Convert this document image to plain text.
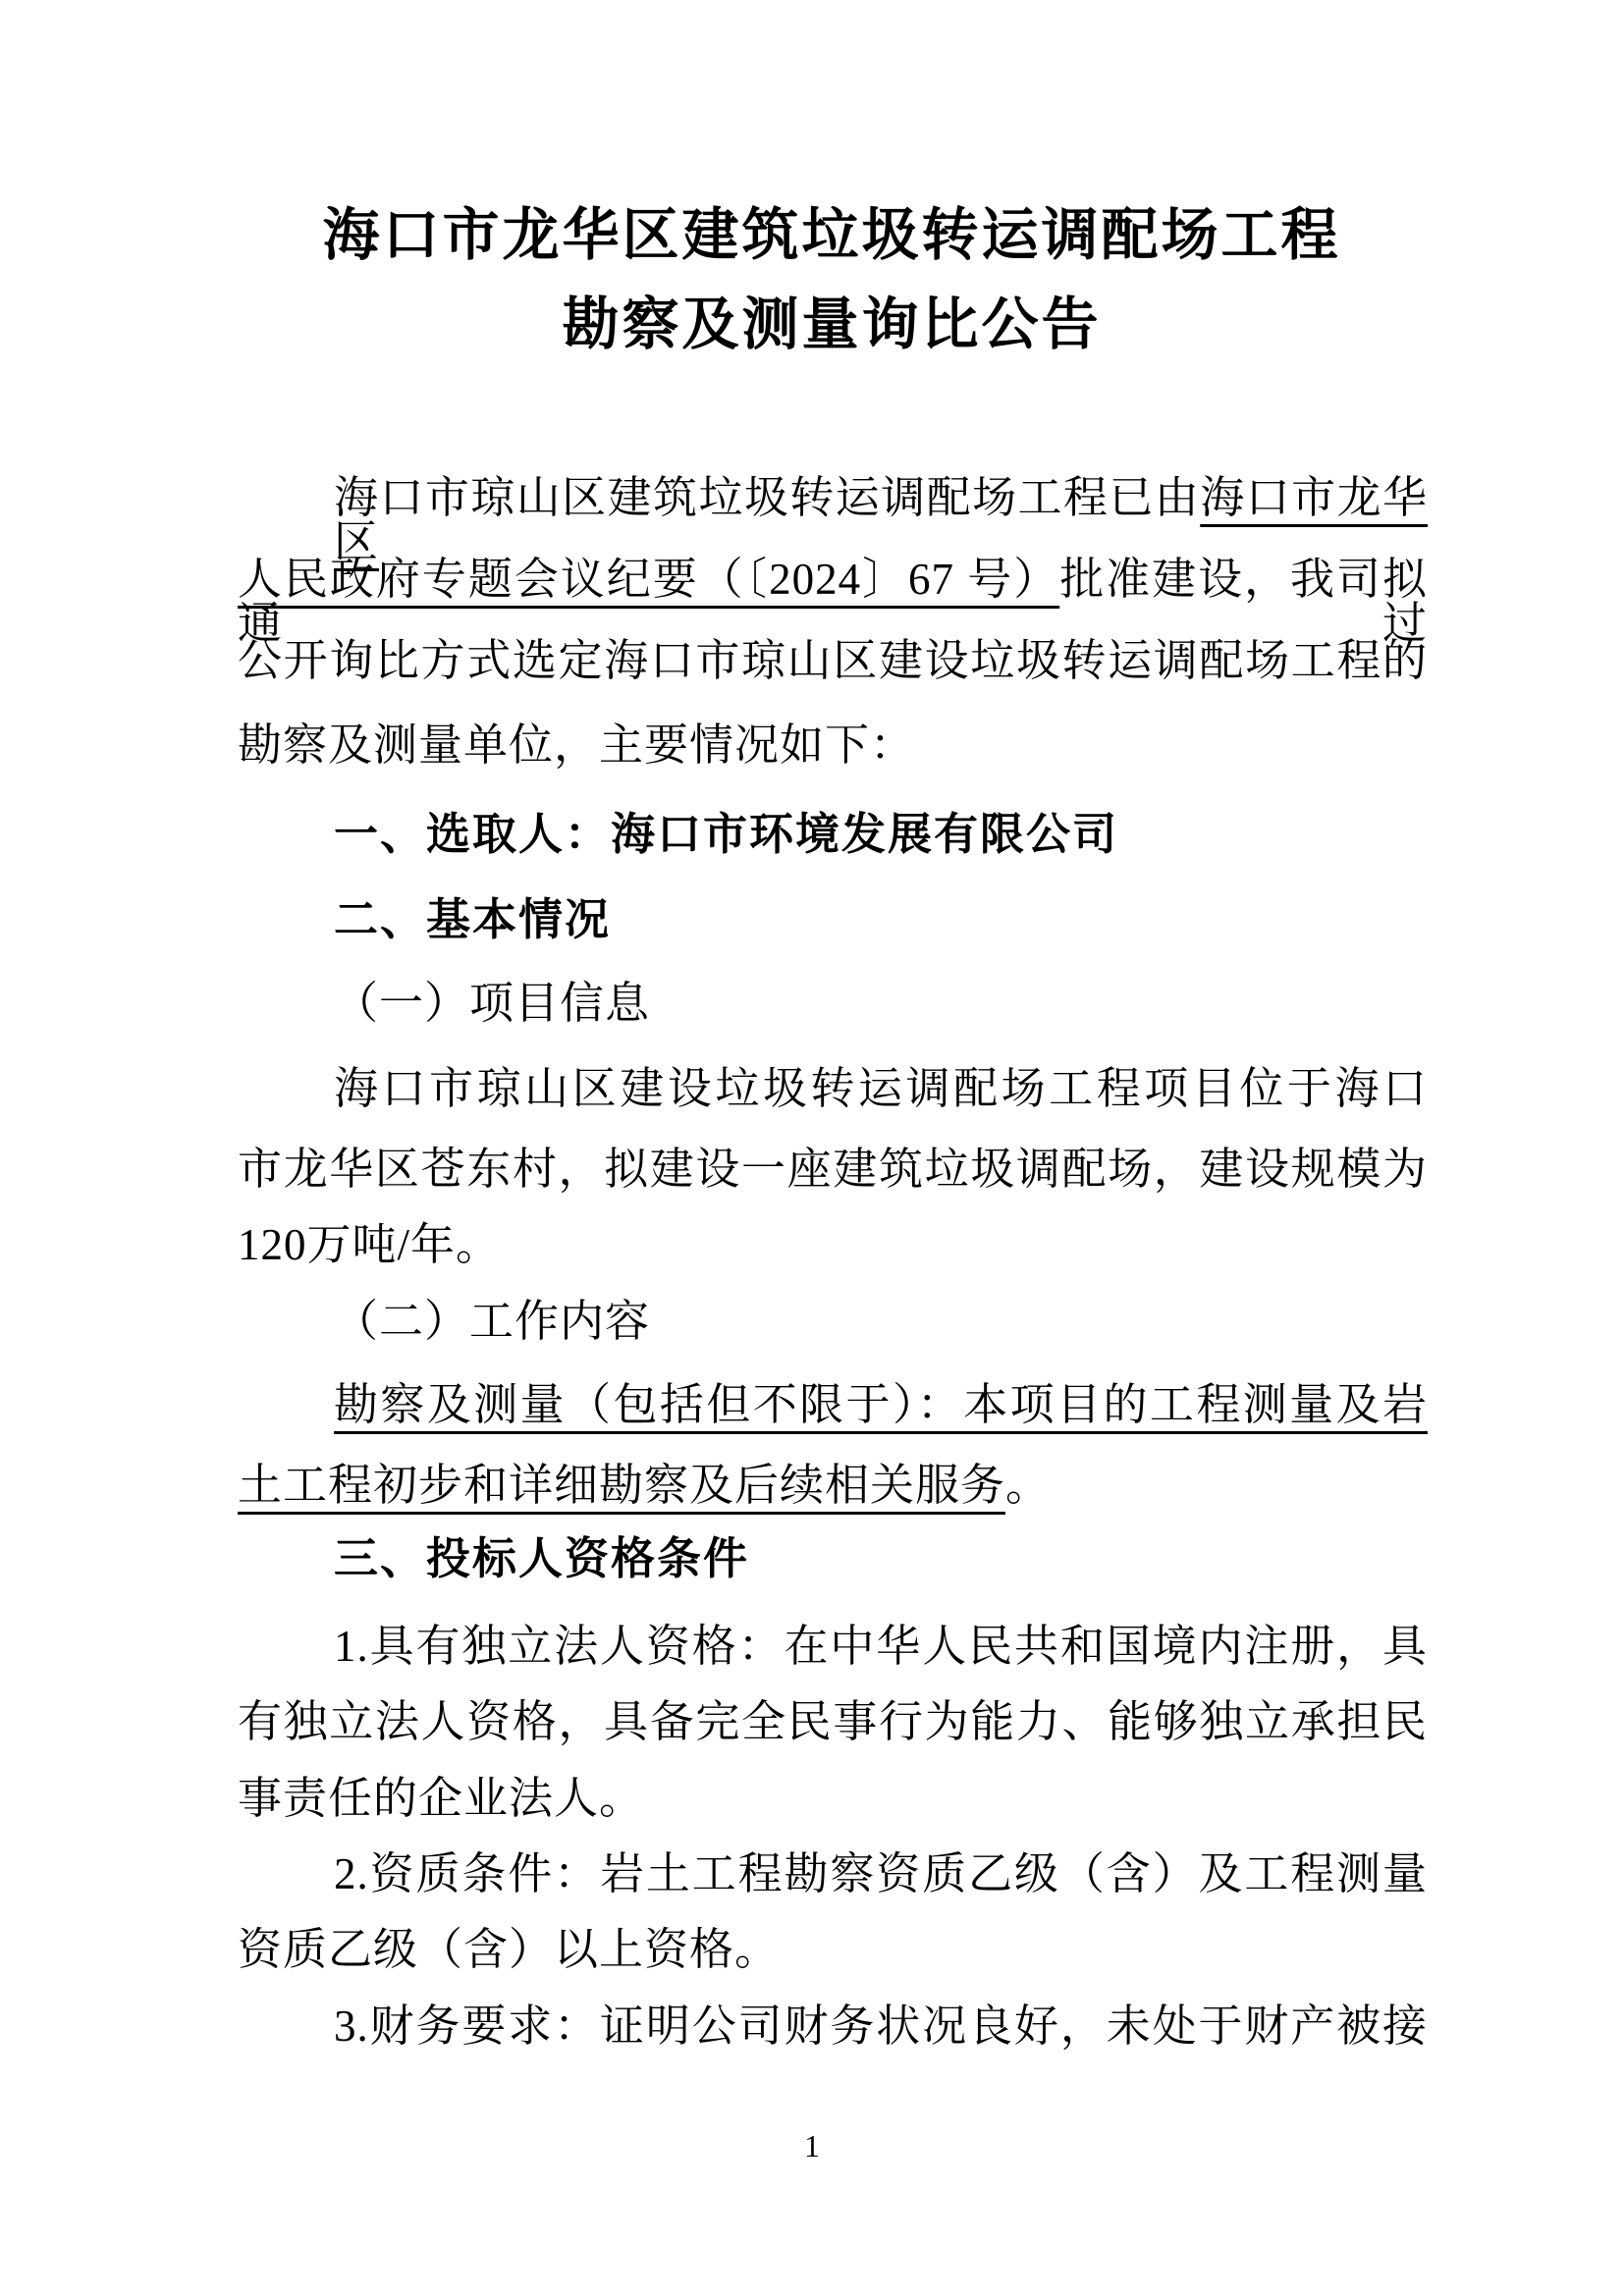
海口市龙华区建筑垃圾转运调配场工程
勘察及测量询比公告
海口市琼山区建筑垃圾转运调配场工程已由海口市龙华区
人民政府专题会议纪要（〔2024〕67 号）批准建设，我司拟通过
公开询比方式选定海口市琼山区建设垃圾转运调配场工程的
勘察及测量单位，主要情况如下：
一、选取人：海口市环境发展有限公司
二、基本情况
（一）项目信息
海口市琼山区建设垃圾转运调配场工程项目位于海口
市龙华区苍东村，拟建设一座建筑垃圾调配场，建设规模为
120万吨/年。
（二）工作内容
勘察及测量（包括但不限于）：本项目的工程测量及岩
土工程初步和详细勘察及后续相关服务。
三、投标人资格条件
1.具有独立法人资格：在中华人民共和国境内注册，具
有独立法人资格，具备完全民事行为能力、能够独立承担民
事责任的企业法人。
2.资质条件：岩土工程勘察资质乙级（含）及工程测量
资质乙级（含）以上资格。
3.财务要求：证明公司财务状况良好，未处于财产被接
1
